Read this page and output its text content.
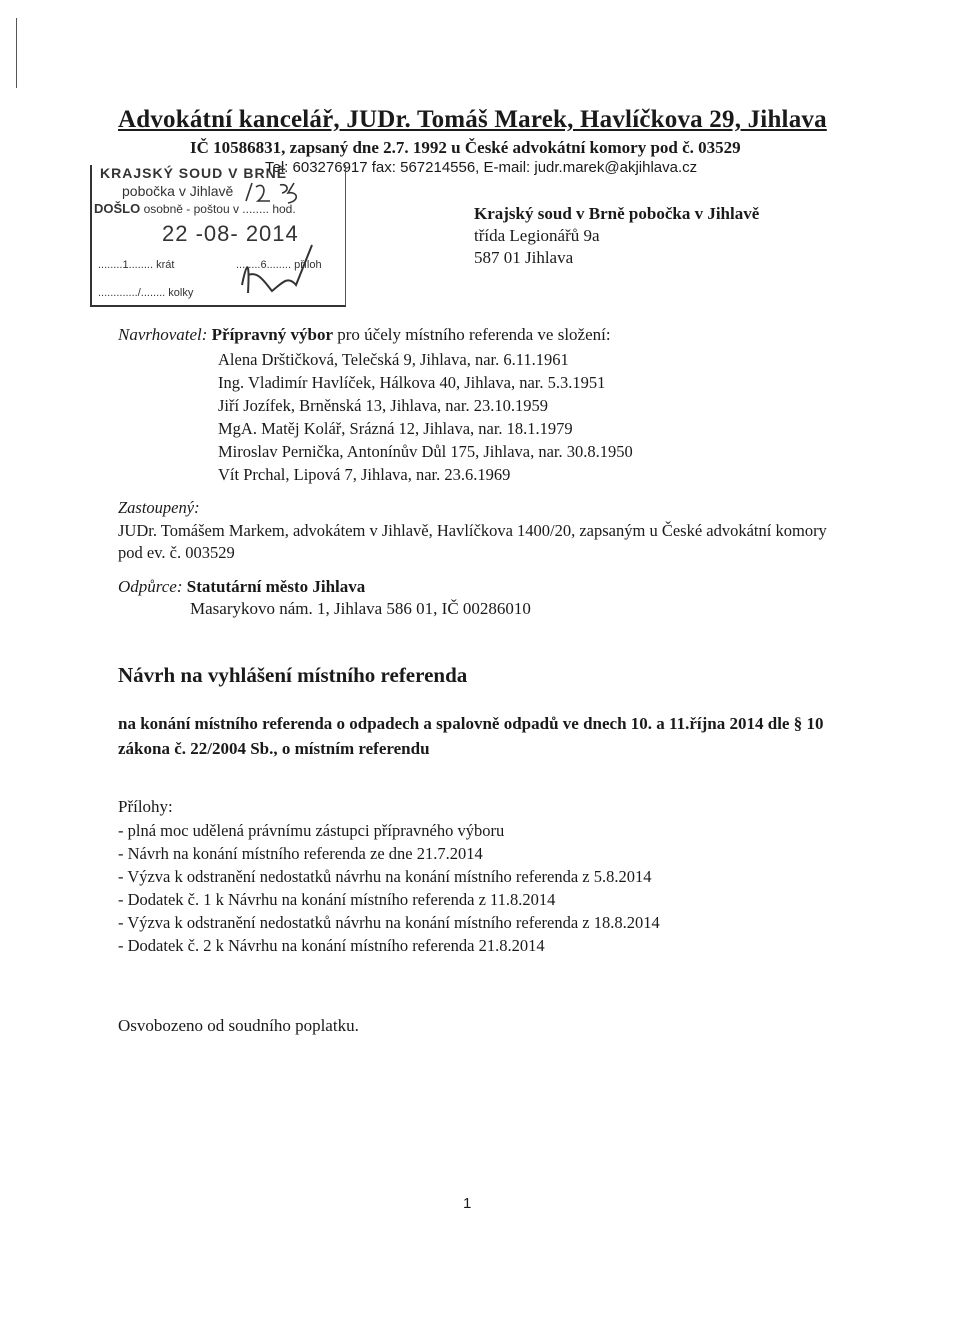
Advokátní kancelář, JUDr. Tomáš Marek, Havlíčkova 29, Jihlava
IČ 10586831, zapsaný dne 2.7. 1992 u České advokátní komory pod č. 03529
Tel: 603276917 fax: 567214556, E-mail: judr.marek@akjihlava.cz
KRAJSKÝ SOUD V BRNĚ
pobočka v Jihlavě
DOŠLO osobně - poštou v ........ hod.
22 -08- 2014
........1........ krát	........6........ příloh
............./........ kolky
Krajský soud v Brně pobočka v Jihlavě
třída Legionářů 9a
587 01 Jihlava
Navrhovatel: Přípravný výbor pro účely místního referenda ve složení:
Alena Drštičková, Telečská 9, Jihlava, nar. 6.11.1961
Ing. Vladimír Havlíček, Hálkova 40, Jihlava, nar. 5.3.1951
Jiří Jozífek, Brněnská 13, Jihlava, nar. 23.10.1959
MgA. Matěj Kolář, Srázná 12, Jihlava, nar. 18.1.1979
Miroslav Pernička, Antonínův Důl 175, Jihlava, nar. 30.8.1950
Vít Prchal, Lipová 7, Jihlava, nar. 23.6.1969
Zastoupený:
JUDr. Tomášem Markem, advokátem v Jihlavě, Havlíčkova 1400/20, zapsaným u České advokátní komory pod ev. č. 003529
Odpůrce: Statutární město Jihlava
Masarykovo nám. 1, Jihlava 586 01, IČ 00286010
Návrh na vyhlášení místního referenda
na konání místního referenda o odpadech a spalovně odpadů ve dnech 10. a 11.října 2014 dle § 10 zákona č. 22/2004 Sb., o místním referendu
Přílohy:
- plná moc udělená právnímu zástupci přípravného výboru
- Návrh na konání místního referenda ze dne 21.7.2014
- Výzva k odstranění nedostatků návrhu na konání místního referenda z 5.8.2014
- Dodatek č. 1 k Návrhu na konání místního referenda z 11.8.2014
- Výzva k odstranění nedostatků návrhu na konání místního referenda z 18.8.2014
- Dodatek č. 2 k Návrhu na konání místního referenda 21.8.2014
Osvobozeno od soudního poplatku.
1
